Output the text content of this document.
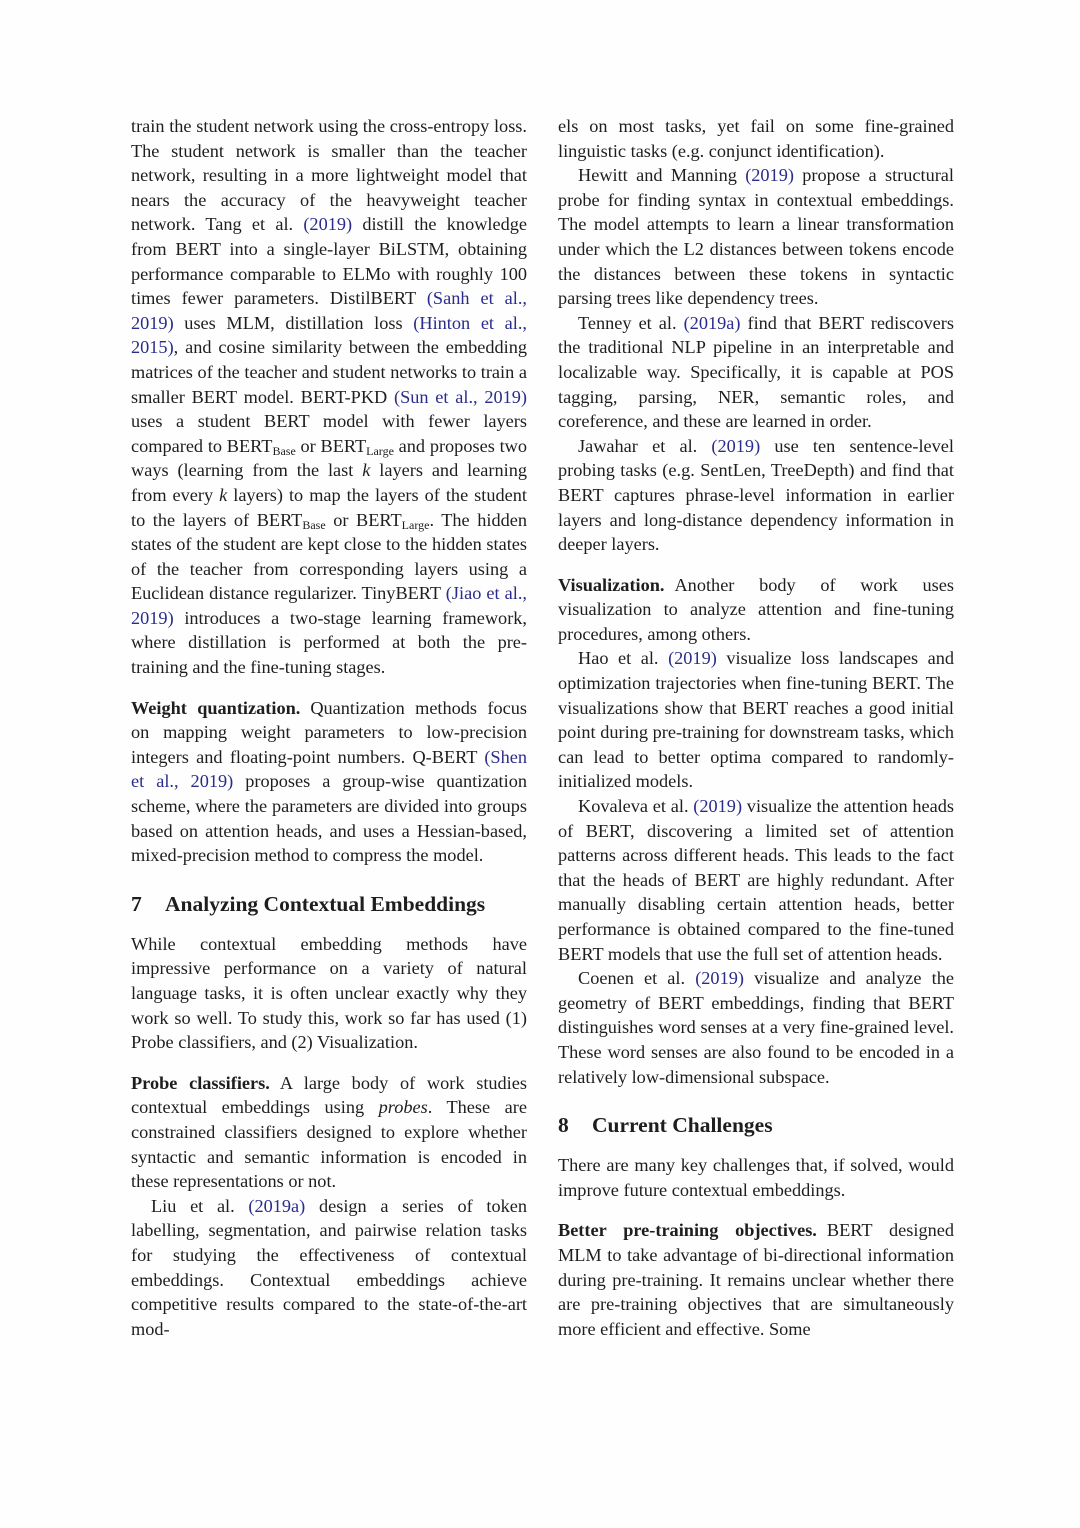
train the student network using the cross-entropy loss. The student network is smaller than the teacher network, resulting in a more lightweight model that nears the accuracy of the heavyweight teacher network. Tang et al. (2019) distill the knowledge from BERT into a single-layer BiLSTM, obtaining performance comparable to ELMo with roughly 100 times fewer parameters. DistilBERT (Sanh et al., 2019) uses MLM, distillation loss (Hinton et al., 2015), and cosine similarity between the embedding matrices of the teacher and student networks to train a smaller BERT model. BERT-PKD (Sun et al., 2019) uses a student BERT model with fewer layers compared to $BERT_{Base}$ or $BERT_{Large}$ and proposes two ways (learning from the last k layers and learning from every k layers) to map the layers of the student to the layers of $BERT_{Base}$ or $BERT_{Large}$. The hidden states of the student are kept close to the hidden states of the teacher from corresponding layers using a Euclidean distance regularizer. TinyBERT (Jiao et al., 2019) introduces a two-stage learning framework, where distillation is performed at both the pre-training and the fine-tuning stages.

Weight quantization. Quantization methods focus on mapping weight parameters to low-precision integers and floating-point numbers. Q-BERT (Shen et al., 2019) proposes a group-wise quantization scheme, where the parameters are divided into groups based on attention heads, and uses a Hessian-based, mixed-precision method to compress the model.

7 Analyzing Contextual Embeddings

While contextual embedding methods have impressive performance on a variety of natural language tasks, it is often unclear exactly why they work so well. To study this, work so far has used (1) Probe classifiers, and (2) Visualization.

Probe classifiers. A large body of work studies contextual embeddings using probes. These are constrained classifiers designed to explore whether syntactic and semantic information is encoded in these representations or not.

Liu et al. (2019a) design a series of token labelling, segmentation, and pairwise relation tasks for studying the effectiveness of contextual embeddings. Contextual embeddings achieve competitive results compared to the state-of-the-art mod-

els on most tasks, yet fail on some fine-grained linguistic tasks (e.g. conjunct identification).

Hewitt and Manning (2019) propose a structural probe for finding syntax in contextual embeddings. The model attempts to learn a linear transformation under which the L2 distances between tokens encode the distances between these tokens in syntactic parsing trees like dependency trees.

Tenney et al. (2019a) find that BERT rediscovers the traditional NLP pipeline in an interpretable and localizable way. Specifically, it is capable at POS tagging, parsing, NER, semantic roles, and coreference, and these are learned in order.

Jawahar et al. (2019) use ten sentence-level probing tasks (e.g. SentLen, TreeDepth) and find that BERT captures phrase-level information in earlier layers and long-distance dependency information in deeper layers.

Visualization. Another body of work uses visualization to analyze attention and fine-tuning procedures, among others.

Hao et al. (2019) visualize loss landscapes and optimization trajectories when fine-tuning BERT. The visualizations show that BERT reaches a good initial point during pre-training for downstream tasks, which can lead to better optima compared to randomly-initialized models.

Kovaleva et al. (2019) visualize the attention heads of BERT, discovering a limited set of attention patterns across different heads. This leads to the fact that the heads of BERT are highly redundant. After manually disabling certain attention heads, better performance is obtained compared to the fine-tuned BERT models that use the full set of attention heads.

Coenen et al. (2019) visualize and analyze the geometry of BERT embeddings, finding that BERT distinguishes word senses at a very fine-grained level. These word senses are also found to be encoded in a relatively low-dimensional subspace.

8 Current Challenges

There are many key challenges that, if solved, would improve future contextual embeddings.

Better pre-training objectives. BERT designed MLM to take advantage of bi-directional information during pre-training. It remains unclear whether there are pre-training objectives that are simultaneously more efficient and effective. Some
